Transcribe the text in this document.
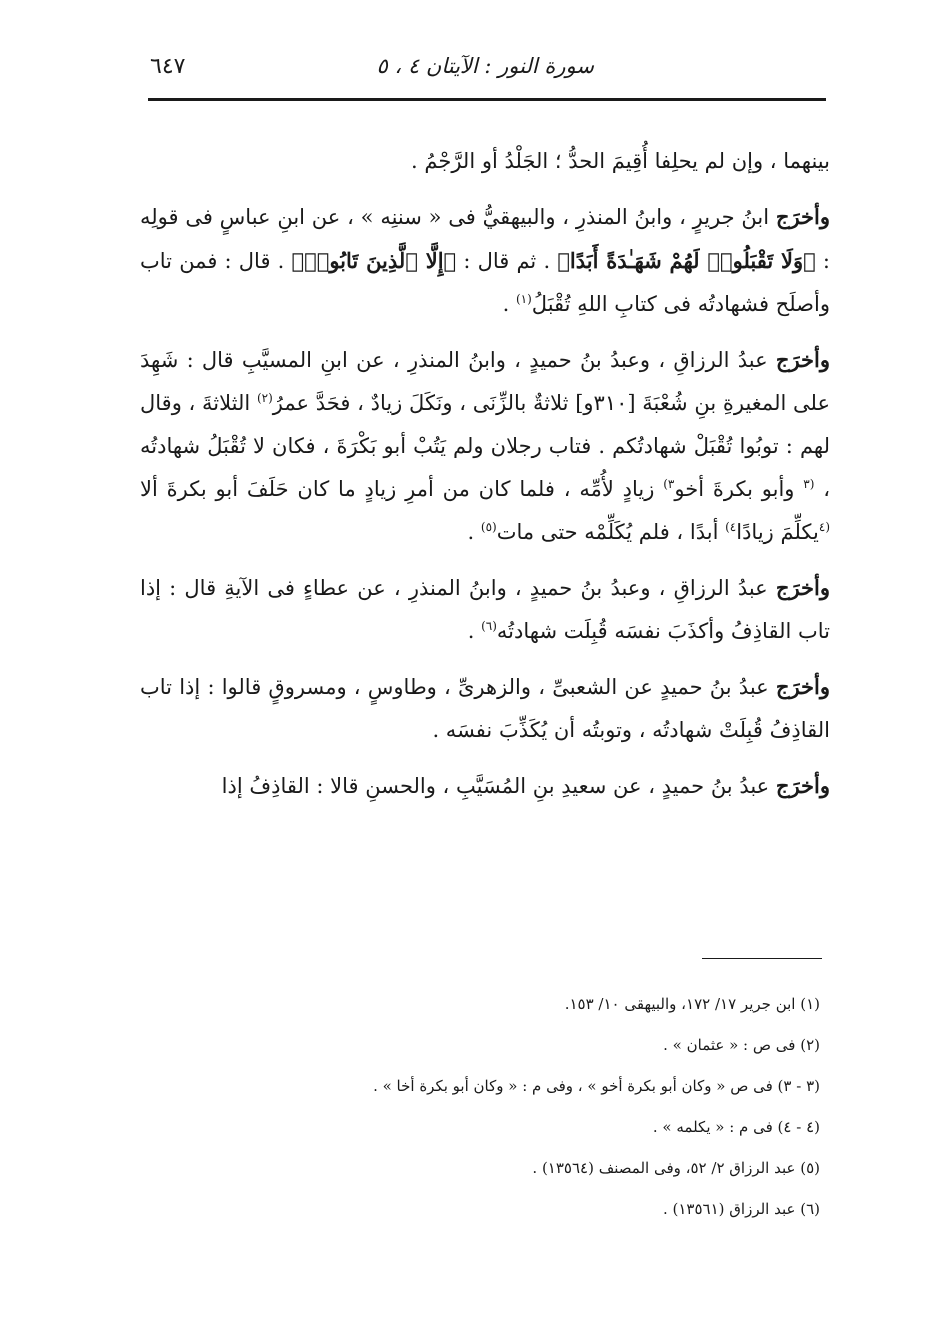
سورة النور : الآيتان ٤ ، ٥
٦٤٧

بينهما ، وإن لم يحلِفا أُقِيمَ الحدُّ ؛ الجَلْدُ أو الرَّجْمُ .

وأخرَج ابنُ جريرٍ ، وابنُ المنذرِ ، والبيهقيُّ فى « سننِه » ، عن ابنِ عباسٍ فى قولِه : ﴿وَلَا تَقْبَلُوا۟ لَهُمْ شَهَـٰدَةً أَبَدًا﴾ . ثم قال : ﴿إِلَّا ٱلَّذِينَ تَابُوا۟﴾ . قال : فمن تاب وأصلَح فشهادتُه فى كتابِ اللهِ تُقْبَلُ$^{(١)}$ .

وأخرَج عبدُ الرزاقِ ، وعبدُ بنُ حميدٍ ، وابنُ المنذرِ ، عن ابنِ المسيَّبِ قال : شَهِدَ على المغيرةِ بنِ شُعْبَةَ [٣١٠و] ثلاثةٌ بالزِّنَى ، ونَكَلَ زيادٌ ، فحَدَّ عمرُ$^{(٢)}$ الثلاثةَ ، وقال لهم : توبُوا تُقْبَلْ شهادتُكم . فتاب رجلان ولم يَتُبْ أبو بَكْرَةَ ، فكان لا تُقْبَلُ شهادتُه ، $^{(٣}$ وأبو بكرةَ أخو$^{٣)}$ زيادٍ لأُمِّه ، فلما كان من أمرِ زيادٍ ما كان حَلَفَ أبو بكرةَ ألا $^{(٤}$يكلِّمَ زيادًا$^{٤)}$ أبدًا ، فلم يُكَلِّمْه حتى مات$^{(٥)}$ .

وأخرَج عبدُ الرزاقِ ، وعبدُ بنُ حميدٍ ، وابنُ المنذرِ ، عن عطاءٍ فى الآيةِ قال : إذا تاب القاذِفُ وأكذَبَ نفسَه قُبِلَت شهادتُه$^{(٦)}$ .

وأخرَج عبدُ بنُ حميدٍ عن الشعبىِّ ، والزهرىِّ ، وطاوسٍ ، ومسروقٍ قالوا : إذا تاب القاذِفُ قُبِلَتْ شهادتُه ، وتوبتُه أن يُكَذِّبَ نفسَه .

وأخرَج عبدُ بنُ حميدٍ ، عن سعيدِ بنِ المُسَيَّبِ ، والحسنِ قالا : القاذِفُ إذا

(١) ابن جرير ١٧/ ١٧٢، والبيهقى ١٠/ ١٥٣.
(٢) فى ص : « عثمان » .
(٣ - ٣) فى ص « وكان أبو بكرة أخو » ، وفى م : « وكان أبو بكرة أخا » .
(٤ - ٤) فى م : « يكلمه » .
(٥) عبد الرزاق ٢/ ٥٢، وفى المصنف (١٣٥٦٤) .
(٦) عبد الرزاق (١٣٥٦١) .
